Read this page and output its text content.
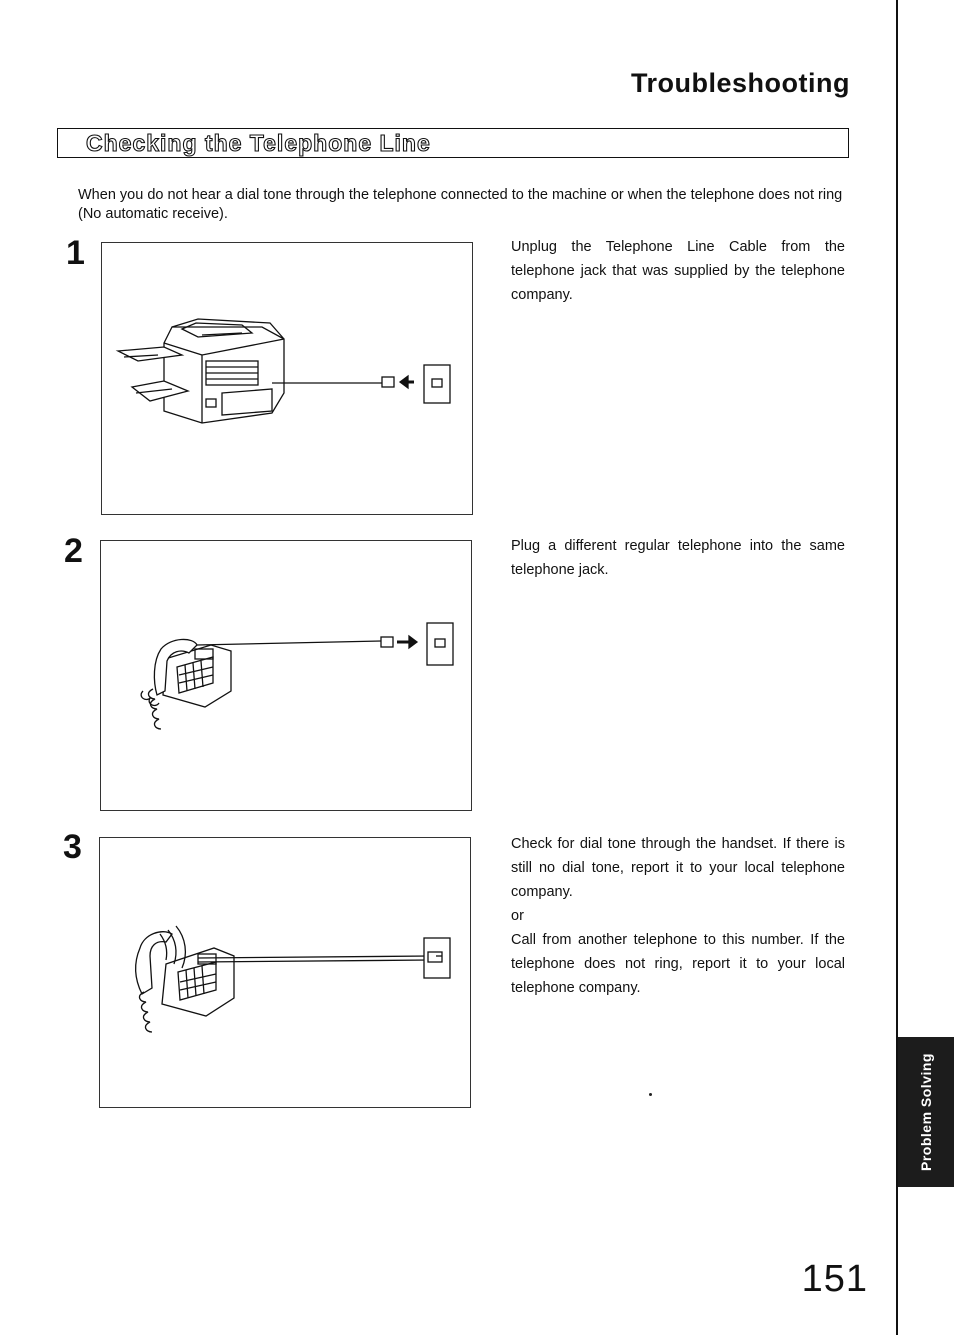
Troubleshooting
Checking the Telephone Line

When you do not hear a dial tone through the telephone connected to the machine or when the telephone does not ring (No automatic receive).

1	Unplug the Telephone Line Cable from the telephone jack that was supplied by the telephone company.
2	Plug a different regular telephone into the same telephone jack.
3	Check for dial tone through the handset. If there is still no dial tone, report it to your local telephone company.

or

Call from another telephone to this number. If the telephone does not ring, report it to your local telephone company.

Problem Solving
151
